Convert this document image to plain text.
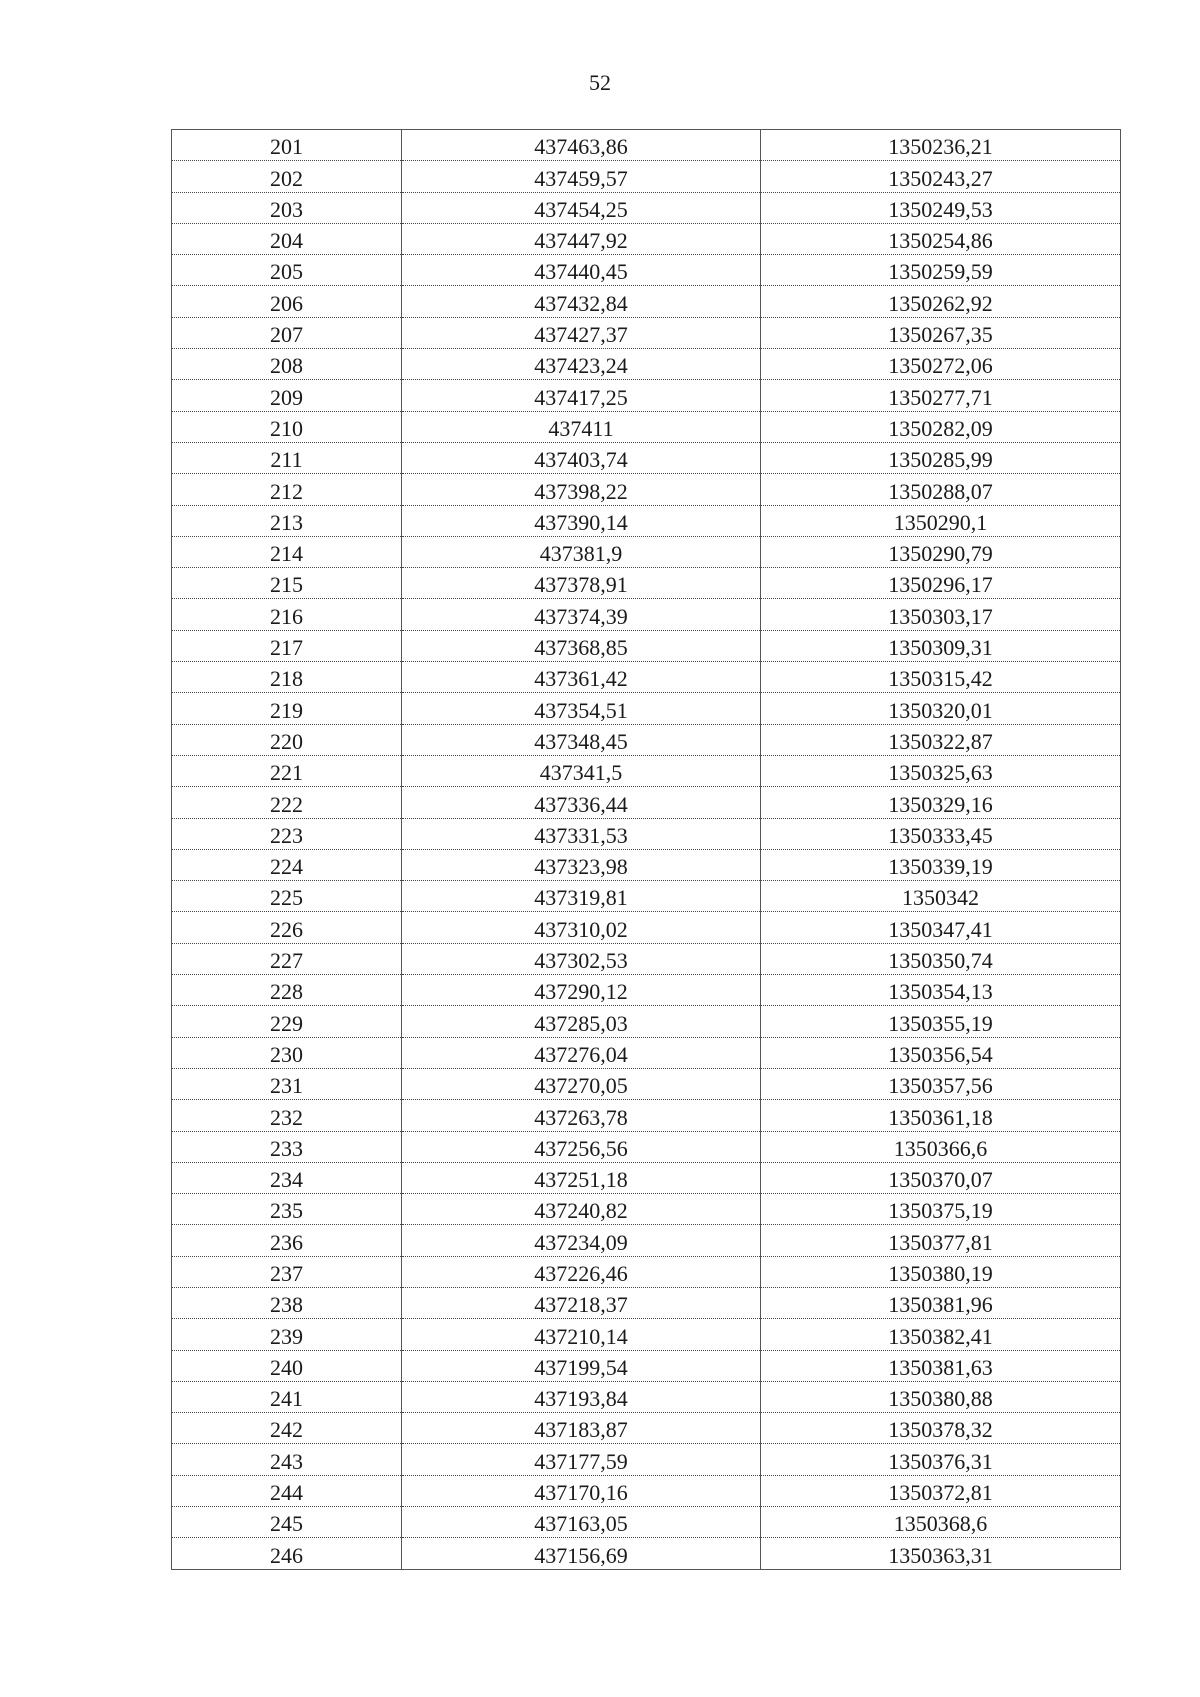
52
201	437463,86	1350236,21
202	437459,57	1350243,27
203	437454,25	1350249,53
204	437447,92	1350254,86
205	437440,45	1350259,59
206	437432,84	1350262,92
207	437427,37	1350267,35
208	437423,24	1350272,06
209	437417,25	1350277,71
210	437411	1350282,09
211	437403,74	1350285,99
212	437398,22	1350288,07
213	437390,14	1350290,1
214	437381,9	1350290,79
215	437378,91	1350296,17
216	437374,39	1350303,17
217	437368,85	1350309,31
218	437361,42	1350315,42
219	437354,51	1350320,01
220	437348,45	1350322,87
221	437341,5	1350325,63
222	437336,44	1350329,16
223	437331,53	1350333,45
224	437323,98	1350339,19
225	437319,81	1350342
226	437310,02	1350347,41
227	437302,53	1350350,74
228	437290,12	1350354,13
229	437285,03	1350355,19
230	437276,04	1350356,54
231	437270,05	1350357,56
232	437263,78	1350361,18
233	437256,56	1350366,6
234	437251,18	1350370,07
235	437240,82	1350375,19
236	437234,09	1350377,81
237	437226,46	1350380,19
238	437218,37	1350381,96
239	437210,14	1350382,41
240	437199,54	1350381,63
241	437193,84	1350380,88
242	437183,87	1350378,32
243	437177,59	1350376,31
244	437170,16	1350372,81
245	437163,05	1350368,6
246	437156,69	1350363,31
